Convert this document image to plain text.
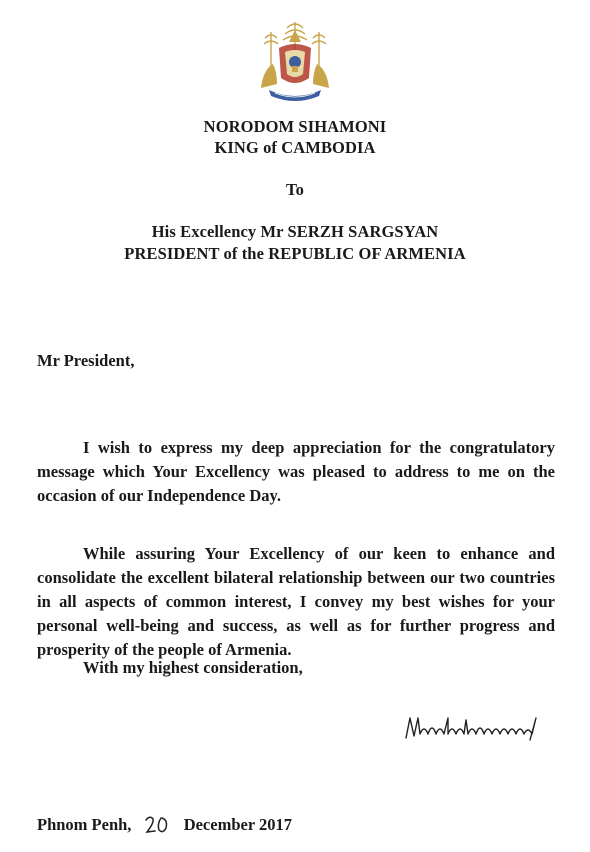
NORODOM SIHAMONI
KING of CAMBODIA
To
His Excellency Mr SERZH SARGSYAN
PRESIDENT of the REPUBLIC OF ARMENIA
Mr President,

I wish to express my deep appreciation for the congratulatory message which Your Excellency was pleased to address to me on the occasion of our Independence Day.

While assuring Your Excellency of our keen to enhance and consolidate the excellent bilateral relationship between our two countries in all aspects of common interest, I convey my best wishes for your personal well-being and success, as well as for further progress and prosperity of the people of Armenia.

With my highest consideration,
Phnom Penh,	December 2017
